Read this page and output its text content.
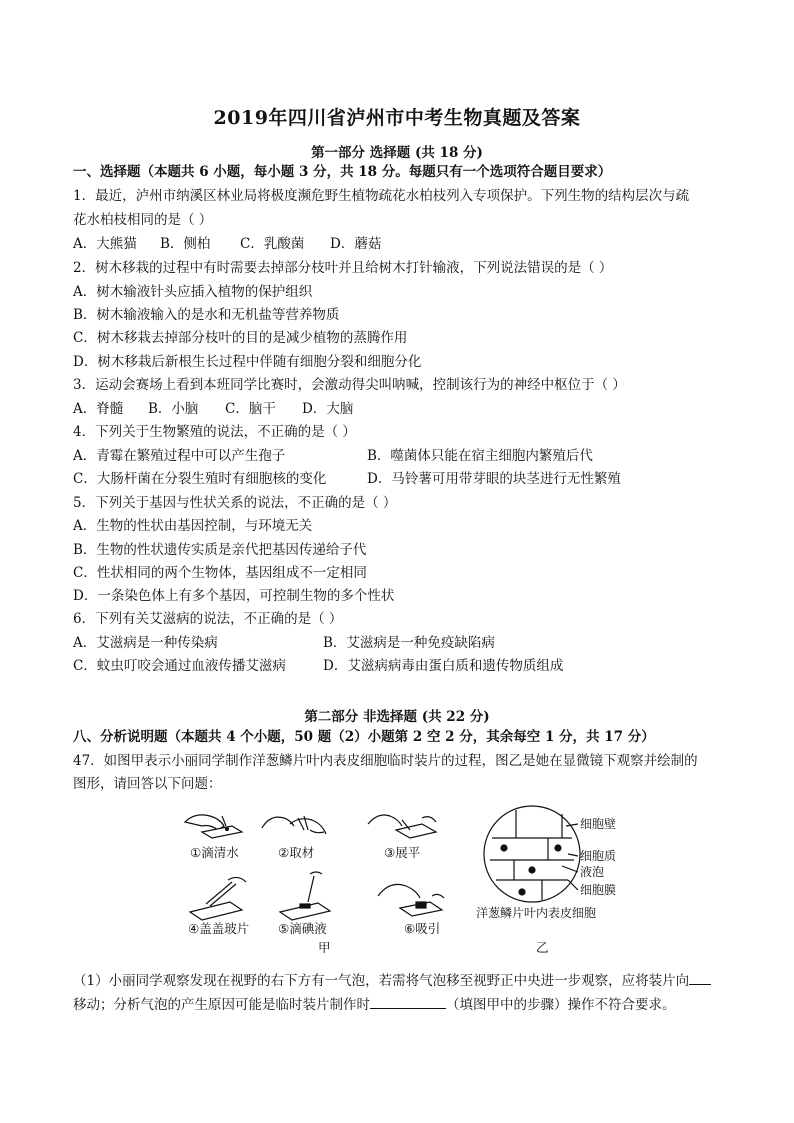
2019年四川省泸州市中考生物真题及答案
第一部分 选择题 (共 18 分)
一、选择题（本题共 6 小题，每小题 3 分，共 18 分。每题只有一个选项符合题目要求）
1．最近，泸州市纳溪区林业局将极度濒危野生植物疏花水柏枝列入专项保护。下列生物的结构层次与疏
花水柏枝相同的是（ ）
A．大熊猫 B．侧柏 C．乳酸菌 D．蘑菇
2．树木移栽的过程中有时需要去掉部分枝叶并且给树木打针输液，下列说法错误的是（ ）
A．树木输液针头应插入植物的保护组织
B．树木输液输入的是水和无机盐等营养物质
C．树木移栽去掉部分枝叶的目的是减少植物的蒸腾作用
D．树木移栽后新根生长过程中伴随有细胞分裂和细胞分化
3．运动会赛场上看到本班同学比赛时，会激动得尖叫呐喊，控制该行为的神经中枢位于（ ）
A．脊髓 B．小脑 C．脑干 D．大脑
4．下列关于生物繁殖的说法，不正确的是（ ）
A．青霉在繁殖过程中可以产生孢子	B．噬菌体只能在宿主细胞内繁殖后代
C．大肠杆菌在分裂生殖时有细胞核的变化	D．马铃薯可用带芽眼的块茎进行无性繁殖
5．下列关于基因与性状关系的说法，不正确的是（ ）
A．生物的性状由基因控制，与环境无关
B．生物的性状遗传实质是亲代把基因传递给子代
C．性状相同的两个生物体，基因组成不一定相同
D．一条染色体上有多个基因，可控制生物的多个性状
6．下列有关艾滋病的说法，不正确的是（ ）
A．艾滋病是一种传染病	B．艾滋病是一种免疫缺陷病
C．蚊虫叮咬会通过血液传播艾滋病	D．艾滋病病毒由蛋白质和遗传物质组成
第二部分 非选择题 (共 22 分)
八、分析说明题（本题共 4 个小题，50 题（2）小题第 2 空 2 分，其余每空 1 分，共 17 分）
47．如图甲表示小丽同学制作洋葱鳞片叶内表皮细胞临时装片的过程，图乙是她在显微镜下观察并绘制的
图形，请回答以下问题：
①滴清水	②取材	③展平
④盖盖玻片 ⑤滴碘液	⑥吸引
甲
细胞壁
细胞质
液泡
细胞膜
洋葱鳞片叶内表皮细胞
乙
（1）小丽同学观察发现在视野的右下方有一气泡，若需将气泡移至视野正中央进一步观察，应将装片向
移动；分析气泡的产生原因可能是临时装片制作时	（填图甲中的步骤）操作不符合要求。
